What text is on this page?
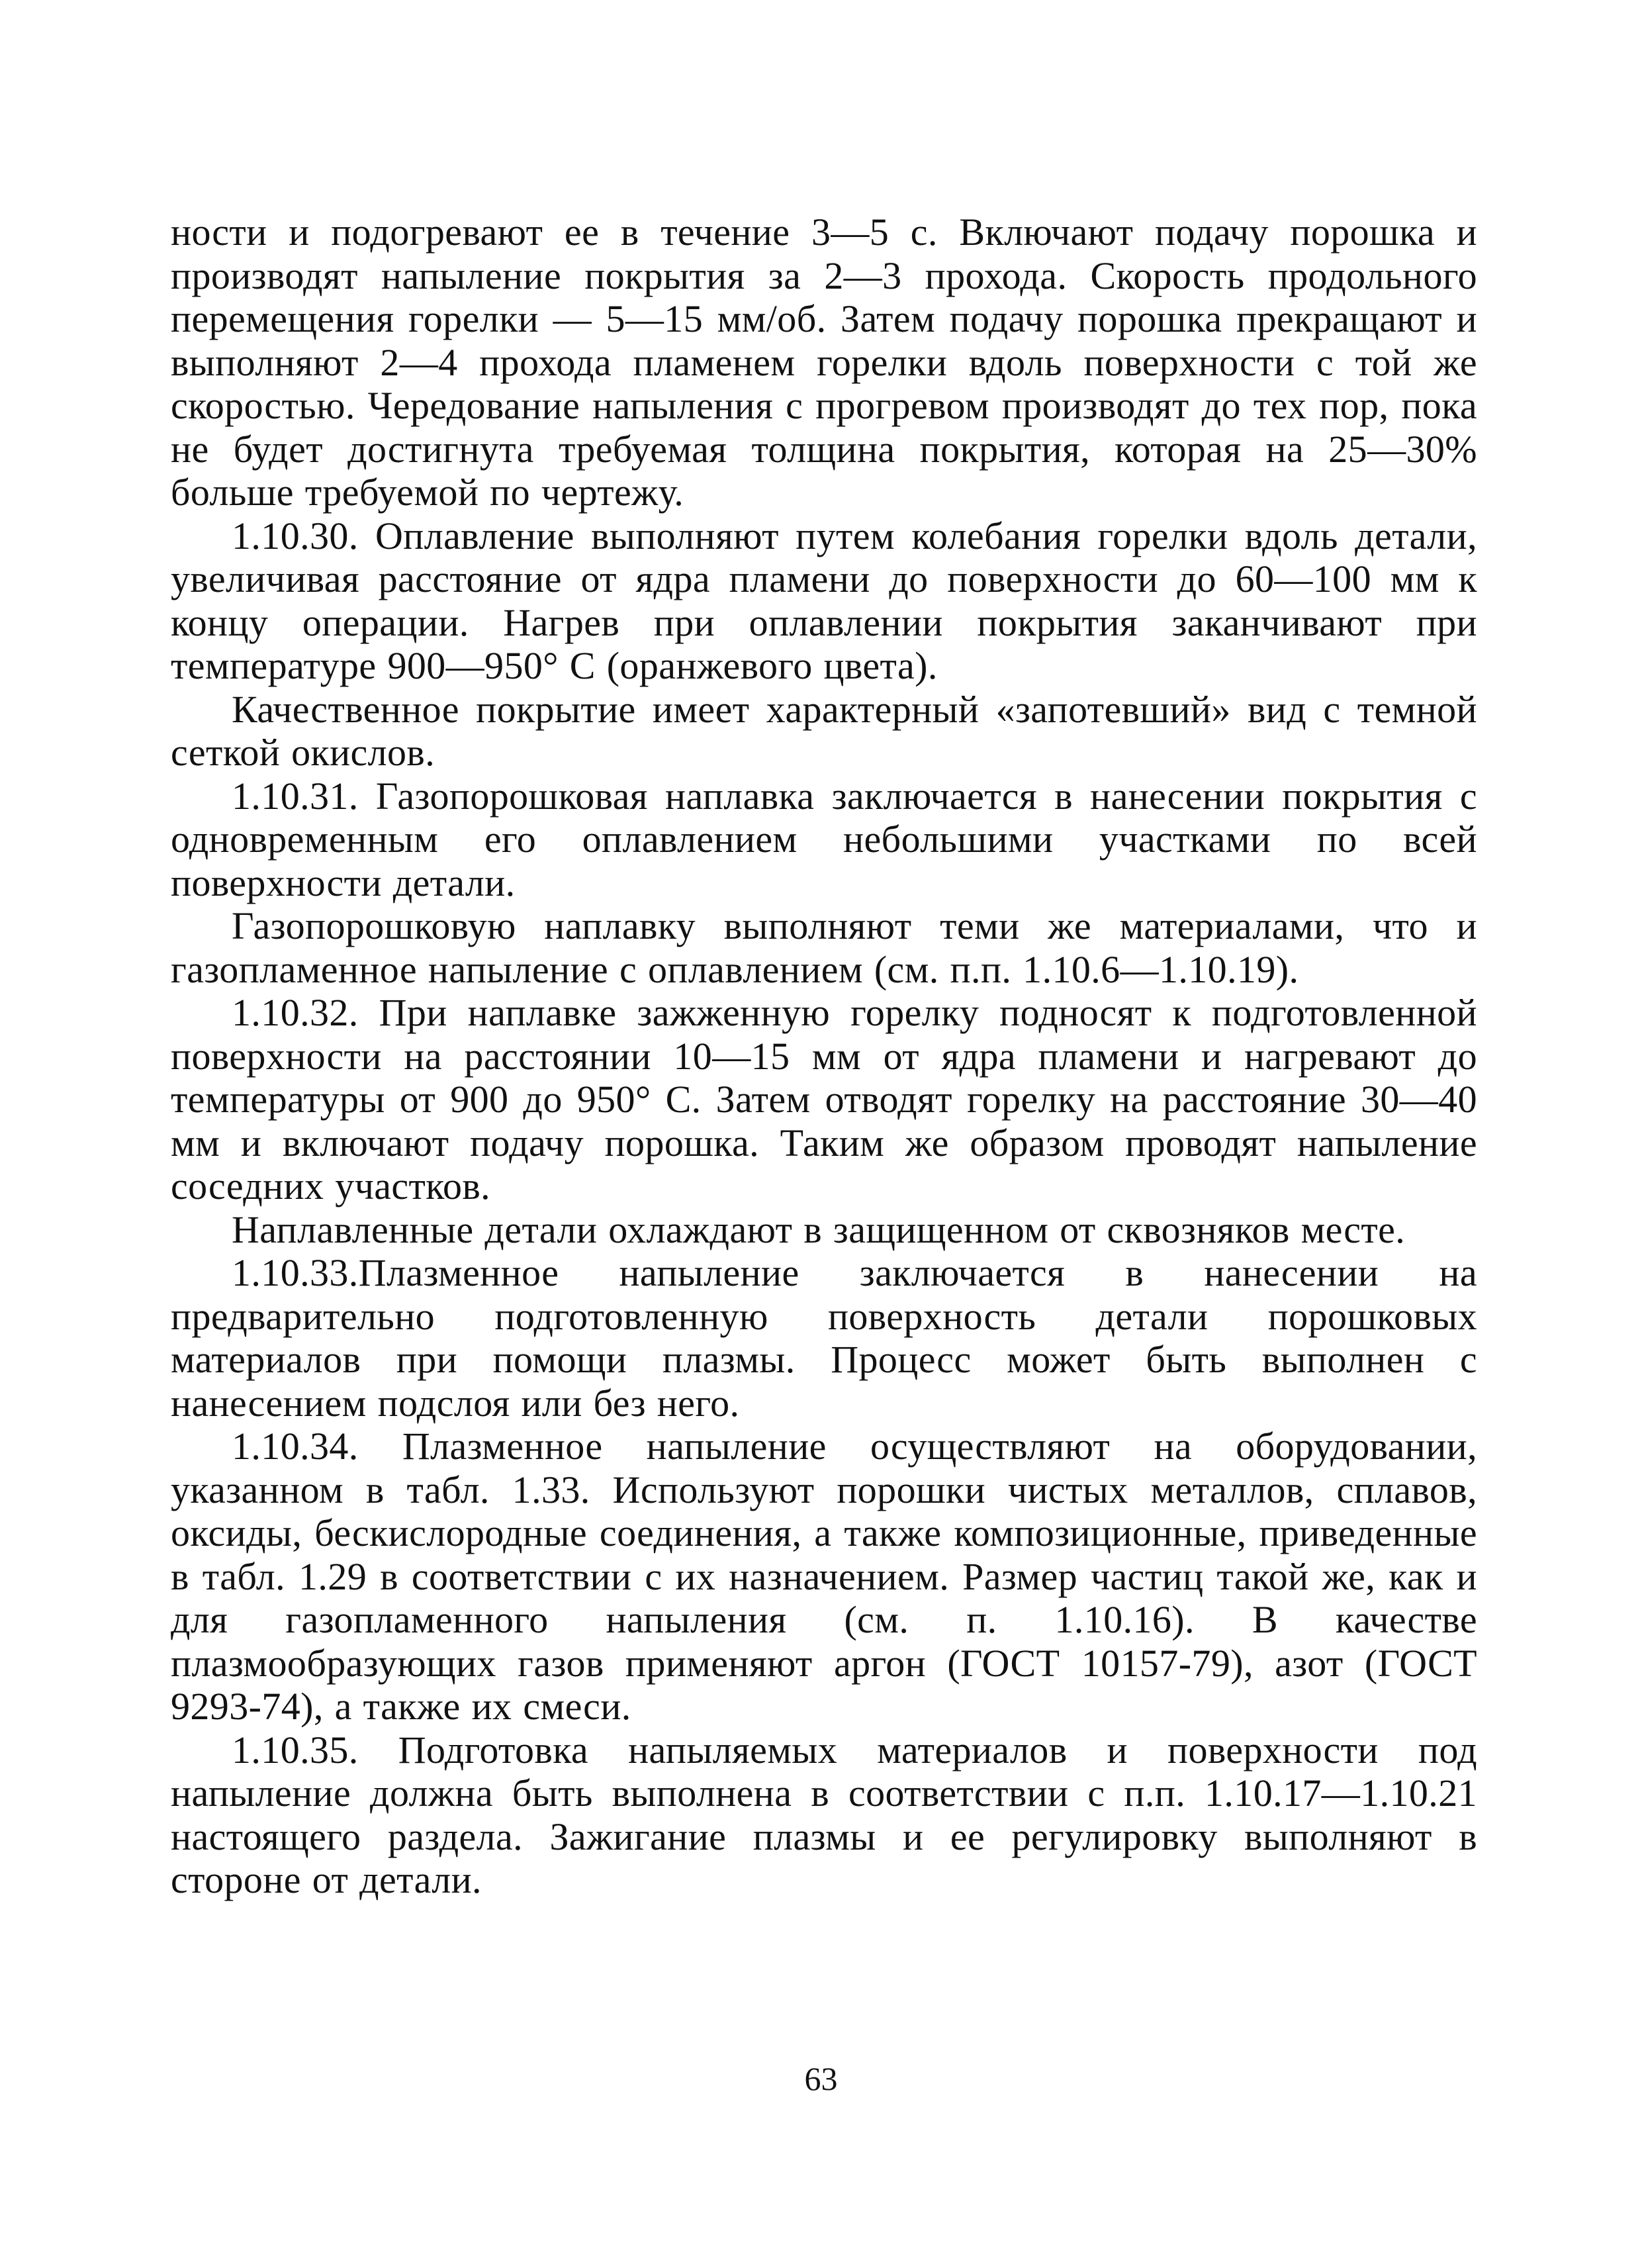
ности и подогревают ее в течение 3—5 с. Включают подачу порошка и производят напыление покрытия за 2—3 прохода. Скорость продольного перемещения горелки — 5—15 мм/об. Затем подачу порошка прекращают и выполняют 2—4 прохода пламенем горелки вдоль поверхности с той же скоростью. Чередование напыления с прогревом производят до тех пор, пока не будет достигнута требуемая толщина покрытия, которая на 25—30% больше требуемой по чертежу.

1.10.30. Оплавление выполняют путем колебания горелки вдоль детали, увеличивая расстояние от ядра пламени до поверхности до 60—100 мм к концу операции. Нагрев при оплавлении покрытия заканчивают при температуре 900—950° С (оранжевого цвета).

Качественное покрытие имеет характерный «запотевший» вид с темной сеткой окислов.

1.10.31. Газопорошковая наплавка заключается в нанесении покрытия с одновременным его оплавлением небольшими участками по всей поверхности детали.

Газопорошковую наплавку выполняют теми же материалами, что и газопламенное напыление с оплавлением (см. п.п. 1.10.6—1.10.19).

1.10.32. При наплавке зажженную горелку подносят к подготовленной поверхности на расстоянии 10—15 мм от ядра пламени и нагревают до температуры от 900 до 950° С. Затем отводят горелку на расстояние 30—40 мм и включают подачу порошка. Таким же образом проводят напыление соседних участков.

Наплавленные детали охлаждают в защищенном от сквозняков месте.

1.10.33.Плазменное напыление заключается в нанесении на предварительно подготовленную поверхность детали порошковых материалов при помощи плазмы. Процесс может быть выполнен с нанесением подслоя или без него.

1.10.34. Плазменное напыление осуществляют на оборудовании, указанном в табл. 1.33. Используют порошки чистых металлов, сплавов, оксиды, бескислородные соединения, а также композиционные, приведенные в табл. 1.29 в соответствии с их назначением. Размер частиц такой же, как и для газопламенного напыления (см. п. 1.10.16). В качестве плазмообразующих газов применяют аргон (ГОСТ 10157-79), азот (ГОСТ 9293-74), а также их смеси.

1.10.35. Подготовка напыляемых материалов и поверхности под напыление должна быть выполнена в соответствии с п.п. 1.10.17—1.10.21 настоящего раздела. Зажигание плазмы и ее регулировку выполняют в стороне от детали.

63
